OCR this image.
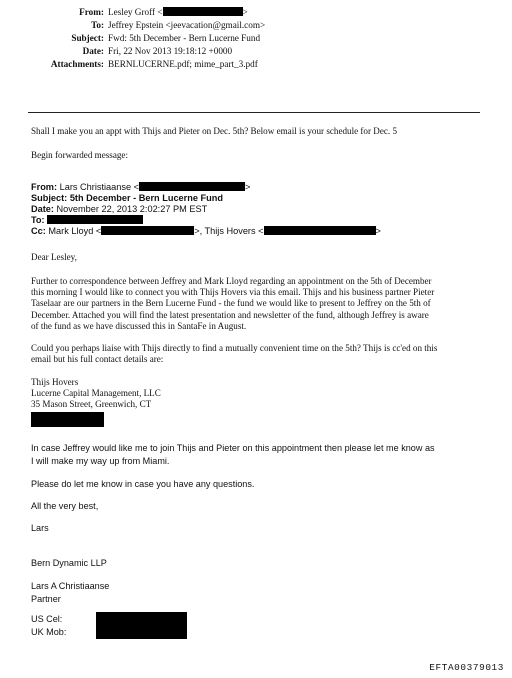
From: Lesley Groff <	>
To: Jeffrey Epstein <jeevacation@gmail.com>
Subject: Fwd: 5th December - Bern Lucerne Fund
Date: Fri, 22 Nov 2013 19:18:12 +0000
Attachments: BERNLUCERNE.pdf; mime_part_3.pdf
Shall I make you an appt with Thijs and Pieter on Dec. 5th? Below email is your schedule for Dec. 5
Begin forwarded message:
From: Lars Christiaanse <	>
Subject: 5th December - Bern Lucerne Fund
Date: November 22, 2013 2:02:27 PM EST
To:
Cc: Mark Lloyd <	>, Thijs Hovers <	>
Dear Lesley,
Further to correspondence between Jeffrey and Mark Lloyd regarding an appointment on the 5th of December
this morning I would like to connect you with Thijs Hovers via this email. Thijs and his business partner Pieter
Taselaar are our partners in the Bern Lucerne Fund - the fund we would like to present to Jeffrey on the 5th of
December. Attached you will find the latest presentation and newsletter of the fund, although Jeffrey is aware
of the fund as we have discussed this in SantaFe in August.
Could you perhaps liaise with Thijs directly to find a mutually convenient time on the 5th? Thijs is cc'ed on this
email but his full contact details are:
Thijs Hovers
Lucerne Capital Management, LLC
35 Mason Street, Greenwich, CT
In case Jeffrey would like me to join Thijs and Pieter on this appointment then please let me know as
I will make my way up from Miami.
Please do let me know in case you have any questions.
All the very best,
Lars
Bern Dynamic LLP
Lars A Christiaanse
Partner
US Cel:
UK Mob:
EFTA00379013
